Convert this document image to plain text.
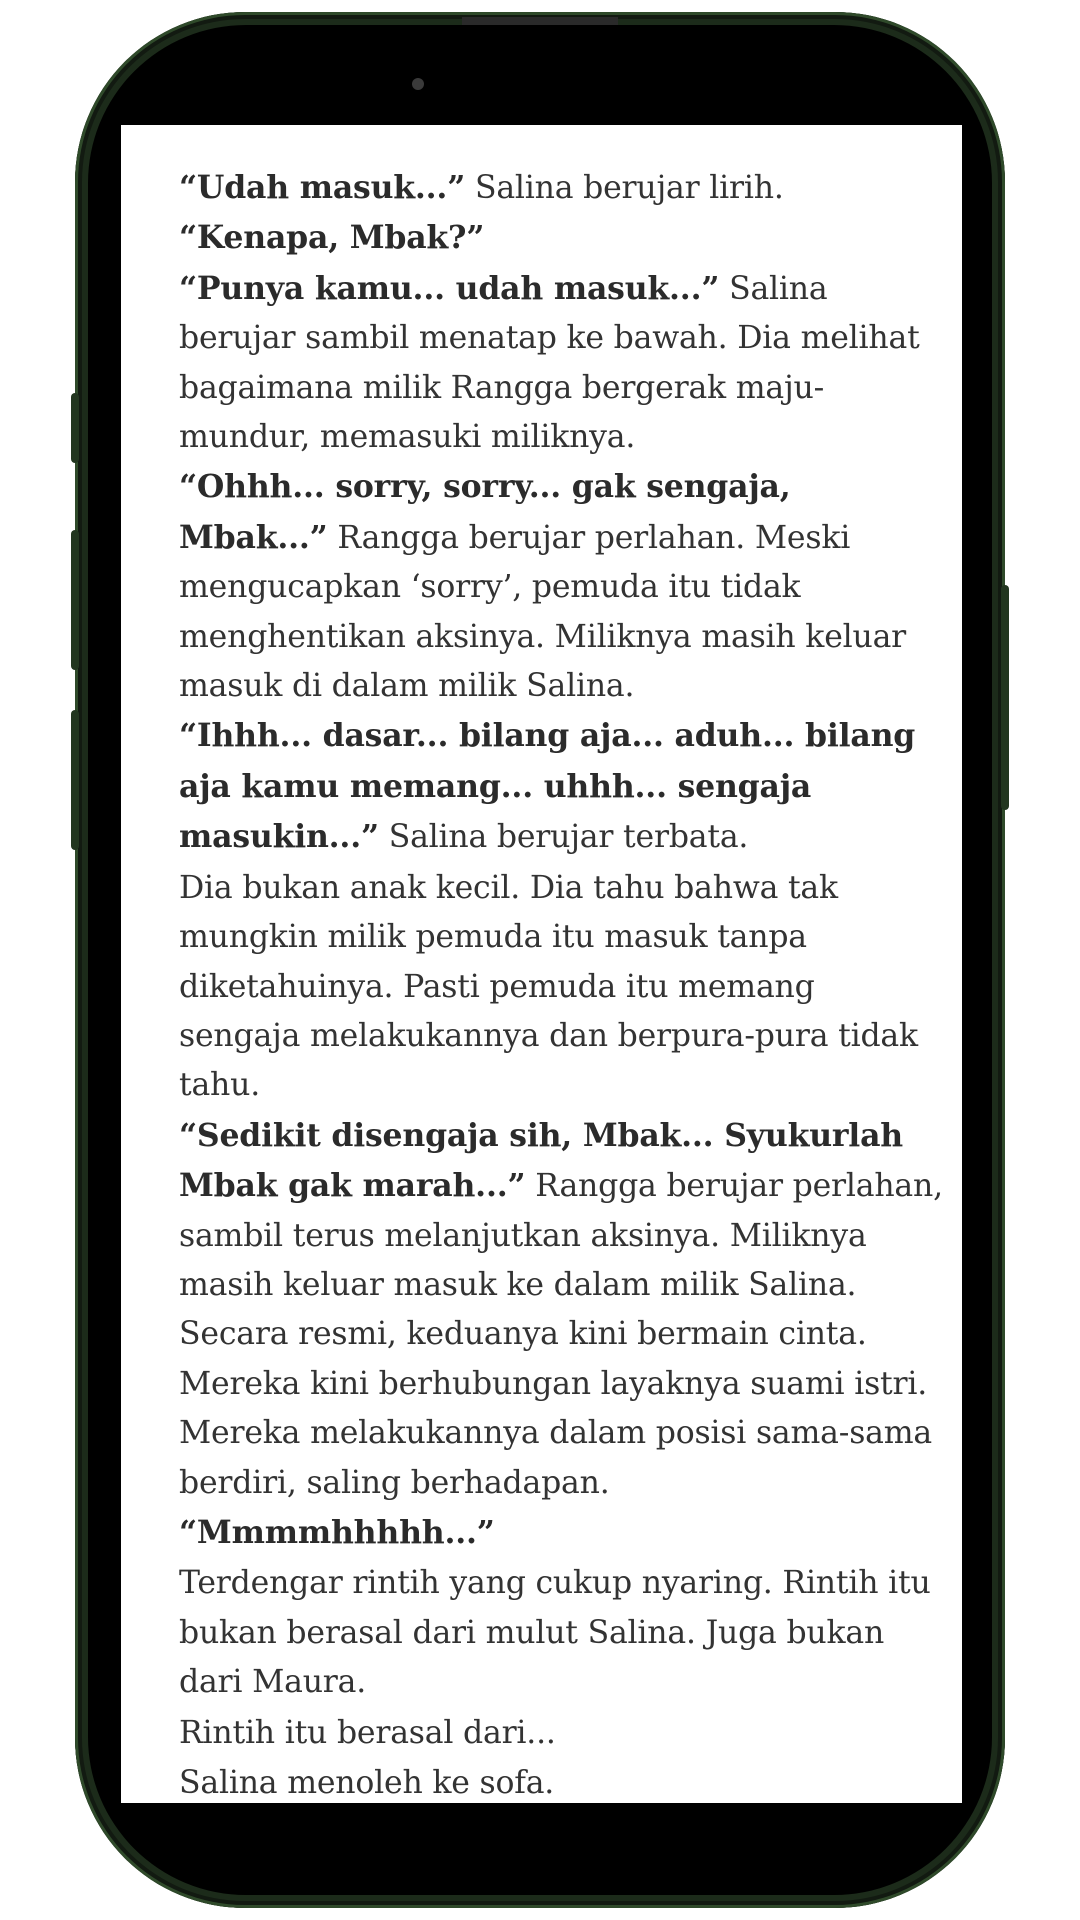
“Udah masuk...” Salina berujar lirih.

“Kenapa, Mbak?”

“Punya kamu... udah masuk...” Salina berujar sambil menatap ke bawah. Dia melihat bagaimana milik Rangga bergerak maju-mundur, memasuki miliknya.

“Ohhh... sorry, sorry... gak sengaja, Mbak...” Rangga berujar perlahan. Meski mengucapkan ‘sorry’, pemuda itu tidak menghentikan aksinya. Miliknya masih keluar masuk di dalam milik Salina.

“Ihhh... dasar... bilang aja... aduh... bilang aja kamu memang... uhhh... sengaja masukin...” Salina berujar terbata.

Dia bukan anak kecil. Dia tahu bahwa tak mungkin milik pemuda itu masuk tanpa diketahuinya. Pasti pemuda itu memang sengaja melakukannya dan berpura-pura tidak tahu.

“Sedikit disengaja sih, Mbak... Syukurlah Mbak gak marah...” Rangga berujar perlahan, sambil terus melanjutkan aksinya. Miliknya masih keluar masuk ke dalam milik Salina. Secara resmi, keduanya kini bermain cinta. Mereka kini berhubungan layaknya suami istri. Mereka melakukannya dalam posisi sama-sama berdiri, saling berhadapan.

“Mmmmhhhhh...”

Terdengar rintih yang cukup nyaring. Rintih itu bukan berasal dari mulut Salina. Juga bukan dari Maura.

Rintih itu berasal dari...

Salina menoleh ke sofa.
